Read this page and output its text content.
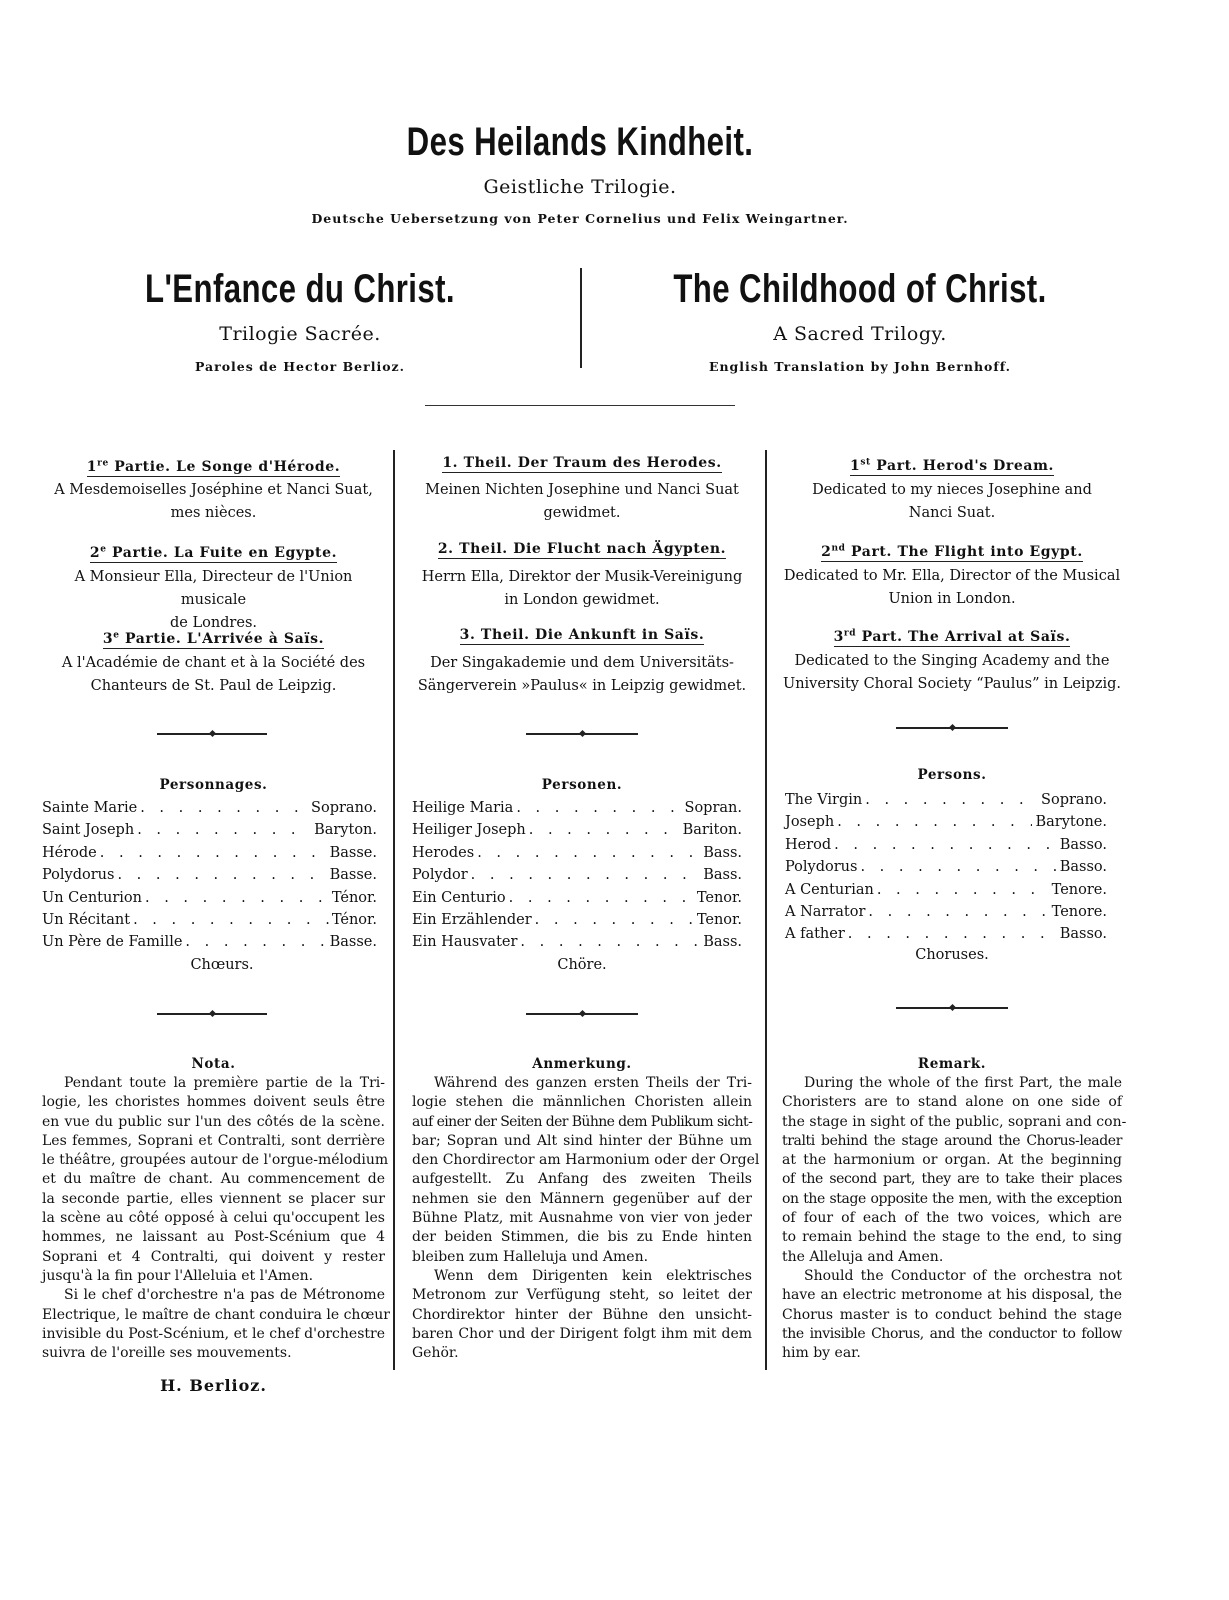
Des Heilands Kindheit.
Geistliche Trilogie.
Deutsche Uebersetzung von Peter Cornelius und Felix Weingartner.
L'Enfance du Christ.
Trilogie Sacrée.
Paroles de Hector Berlioz.
The Childhood of Christ.
A Sacred Trilogy.
English Translation by John Bernhoff.
1re Partie. Le Songe d'Hérode.
A Mesdemoiselles Joséphine et Nanci Suat,
mes nièces.
2e Partie. La Fuite en Egypte.
A Monsieur Ella, Directeur de l'Union musicale
de Londres.
3e Partie. L'Arrivée à Saïs.
A l'Académie de chant et à la Société des
Chanteurs de St. Paul de Leipzig.
Personnages.
Sainte Marie . . .	Soprano.
Saint Joseph . . .	Baryton.
Hérode . . .	Basse.
Polydorus . . .	Basse.
Un Centurion . . .	Ténor.
Un Récitant . . .	Ténor.
Un Père de Famille . . .	Basse.
Chœurs.
Nota.
Pendant toute la première partie de la Tri-
logie, les choristes hommes doivent seuls être
en vue du public sur l'un des côtés de la scène.
Les femmes, Soprani et Contralti, sont derrière
le théâtre, groupées autour de l'orgue-mélodium
et du maître de chant. Au commencement de
la seconde partie, elles viennent se placer sur
la scène au côté opposé à celui qu'occupent les
hommes, ne laissant au Post-Scénium que 4
Soprani et 4 Contralti, qui doivent y rester
jusqu'à la fin pour l'Alleluia et l'Amen.
Si le chef d'orchestre n'a pas de Métronome
Electrique, le maître de chant conduira le chœur
invisible du Post-Scénium, et le chef d'orchestre
suivra de l'oreille ses mouvements.
H. Berlioz.
1. Theil. Der Traum des Herodes.
Meinen Nichten Josephine und Nanci Suat
gewidmet.
2. Theil. Die Flucht nach Ägypten.
Herrn Ella, Direktor der Musik-Vereinigung
in London gewidmet.
3. Theil. Die Ankunft in Saïs.
Der Singakademie und dem Universitäts-
Sängerverein »Paulus« in Leipzig gewidmet.
Personen.
Heilige Maria . . .	Sopran.
Heiliger Joseph . . .	Bariton.
Herodes . . .	Bass.
Polydor . . .	Bass.
Ein Centurio . . .	Tenor.
Ein Erzählender . . .	Tenor.
Ein Hausvater . . .	Bass.
Chöre.
Anmerkung.
Während des ganzen ersten Theils der Tri-
logie stehen die männlichen Choristen allein
auf einer der Seiten der Bühne dem Publikum sicht-
bar; Sopran und Alt sind hinter der Bühne um
den Chordirector am Harmonium oder der Orgel
aufgestellt. Zu Anfang des zweiten Theils
nehmen sie den Männern gegenüber auf der
Bühne Platz, mit Ausnahme von vier von jeder
der beiden Stimmen, die bis zu Ende hinten
bleiben zum Halleluja und Amen.
Wenn dem Dirigenten kein elektrisches
Metronom zur Verfügung steht, so leitet der
Chordirektor hinter der Bühne den unsicht-
baren Chor und der Dirigent folgt ihm mit dem
Gehör.
1st Part. Herod's Dream.
Dedicated to my nieces Josephine and
Nanci Suat.
2nd Part. The Flight into Egypt.
Dedicated to Mr. Ella, Director of the Musical
Union in London.
3rd Part. The Arrival at Saïs.
Dedicated to the Singing Academy and the
University Choral Society “Paulus” in Leipzig.
Persons.
The Virgin . . .	Soprano.
Joseph . . .	Barytone.
Herod . . .	Basso.
Polydorus . . .	Basso.
A Centurian . . .	Tenore.
A Narrator . . .	Tenore.
A father . . .	Basso.
Choruses.
Remark.
During the whole of the first Part, the male
Choristers are to stand alone on one side of
the stage in sight of the public, soprani and con-
tralti behind the stage around the Chorus-leader
at the harmonium or organ. At the beginning
of the second part, they are to take their places
on the stage opposite the men, with the exception
of four of each of the two voices, which are
to remain behind the stage to the end, to sing
the Alleluja and Amen.
Should the Conductor of the orchestra not
have an electric metronome at his disposal, the
Chorus master is to conduct behind the stage
the invisible Chorus, and the conductor to follow
him by ear.
